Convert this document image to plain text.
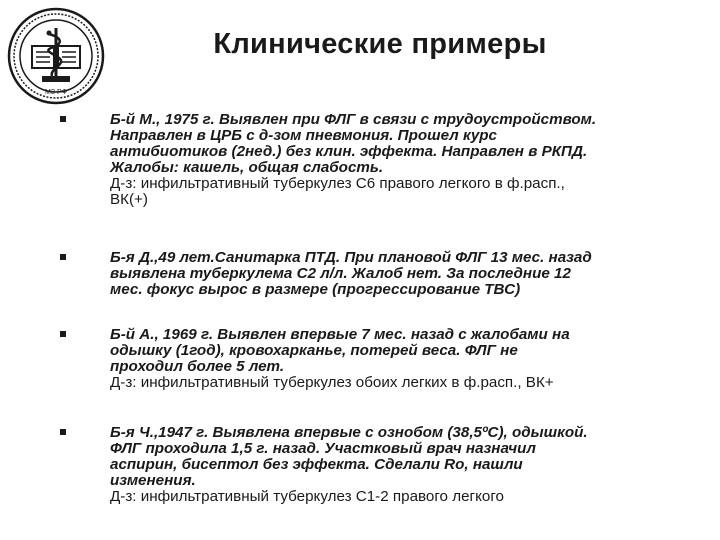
МЗ РФ
Клинические примеры
Б-й М., 1975 г. Выявлен при ФЛГ в связи с трудоустройством.
Направлен в ЦРБ с д-зом пневмония. Прошел курс
антибиотиков (2нед.) без клин. эффекта. Направлен в РКПД.
Жалобы: кашель, общая слабость.
Д-з: инфильтративный туберкулез С6 правого легкого в ф.расп.,
ВК(+)
Б-я Д.,49 лет.Санитарка ПТД. При плановой ФЛГ 13 мес. назад
выявлена туберкулема С2 л/л. Жалоб нет. За последние 12
мес. фокус вырос в размере (прогрессирование ТВС)
Б-й А., 1969 г. Выявлен впервые 7 мес. назад с жалобами на
одышку (1год), кровохарканье, потерей веса. ФЛГ не
проходил более 5 лет.
Д-з: инфильтративный туберкулез обоих легких в ф.расп., ВК+
Б-я Ч.,1947 г. Выявлена впервые с ознобом (38,5ºС), одышкой.
ФЛГ проходила 1,5 г. назад. Участковый врач назначил
аспирин, бисептол без эффекта. Сделали Ro, нашли
изменения.
Д-з: инфильтративный туберкулез С1-2 правого легкого
